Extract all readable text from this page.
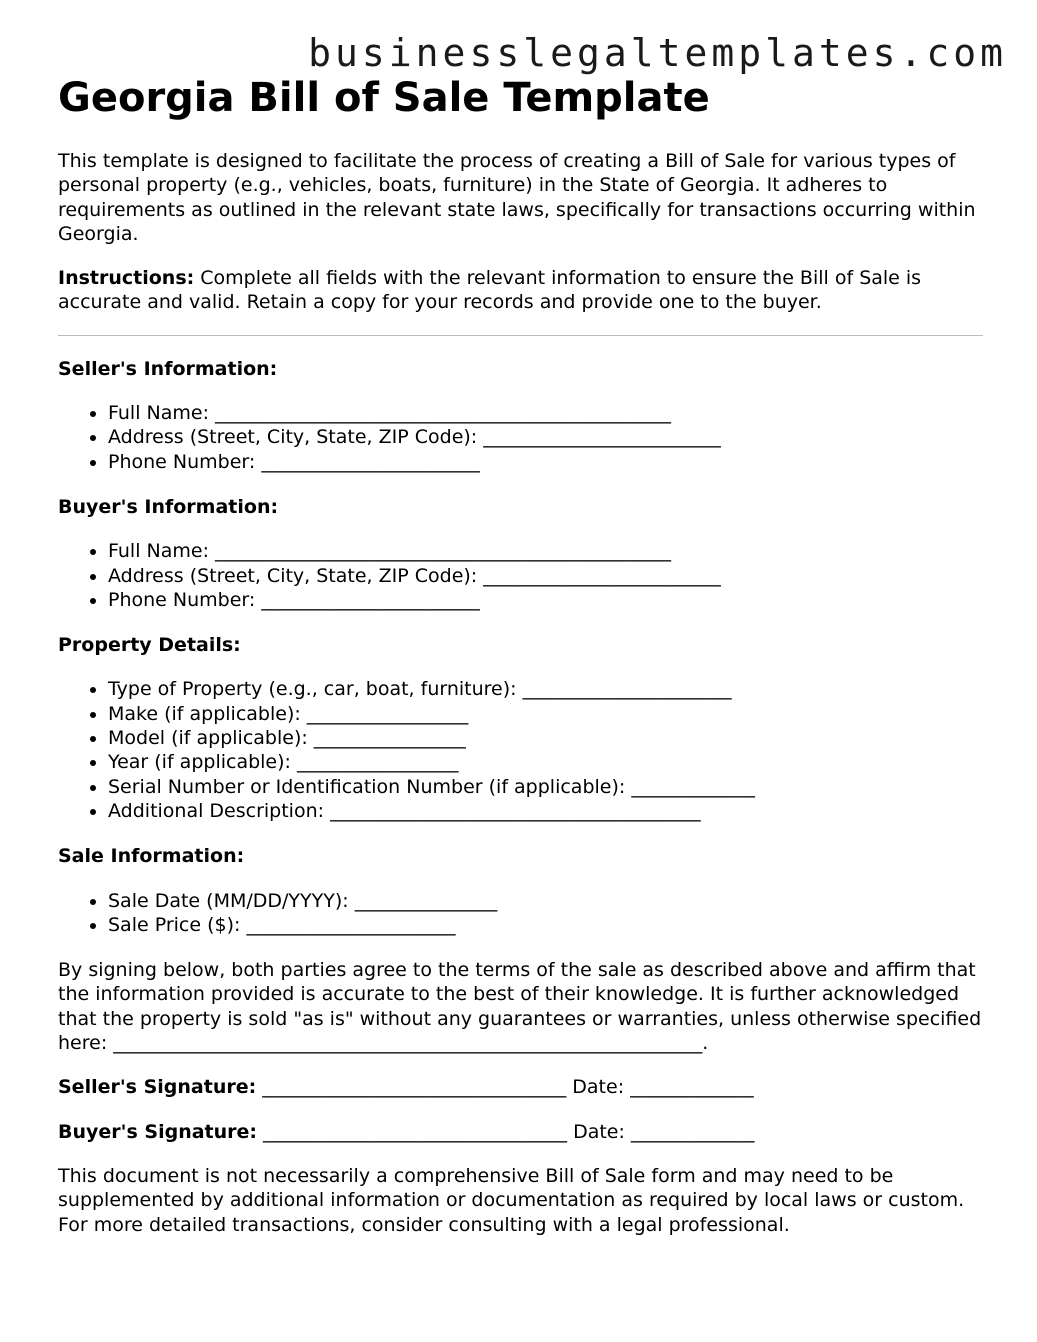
businesslegaltemplates.com
Georgia Bill of Sale Template

This template is designed to facilitate the process of creating a Bill of Sale for various types of personal property (e.g., vehicles, boats, furniture) in the State of Georgia. It adheres to requirements as outlined in the relevant state laws, specifically for transactions occurring within Georgia.

Instructions: Complete all fields with the relevant information to ensure the Bill of Sale is accurate and valid. Retain a copy for your records and provide one to the buyer.

Seller's Information:

• Full Name: ________________________________________________
• Address (Street, City, State, ZIP Code): _________________________
• Phone Number: _______________________

Buyer's Information:

• Full Name: ________________________________________________
• Address (Street, City, State, ZIP Code): _________________________
• Phone Number: _______________________

Property Details:

• Type of Property (e.g., car, boat, furniture): ______________________
• Make (if applicable): _________________
• Model (if applicable): ________________
• Year (if applicable): _________________
• Serial Number or Identification Number (if applicable): _____________
• Additional Description: _______________________________________

Sale Information:

• Sale Date (MM/DD/YYYY): _______________
• Sale Price ($): ______________________

By signing below, both parties agree to the terms of the sale as described above and affirm that the information provided is accurate to the best of their knowledge. It is further acknowledged that the property is sold "as is" without any guarantees or warranties, unless otherwise specified here: ______________________________________________________________.

Seller's Signature: ________________________________ Date: _____________

Buyer's Signature: ________________________________ Date: _____________

This document is not necessarily a comprehensive Bill of Sale form and may need to be supplemented by additional information or documentation as required by local laws or custom. For more detailed transactions, consider consulting with a legal professional.
